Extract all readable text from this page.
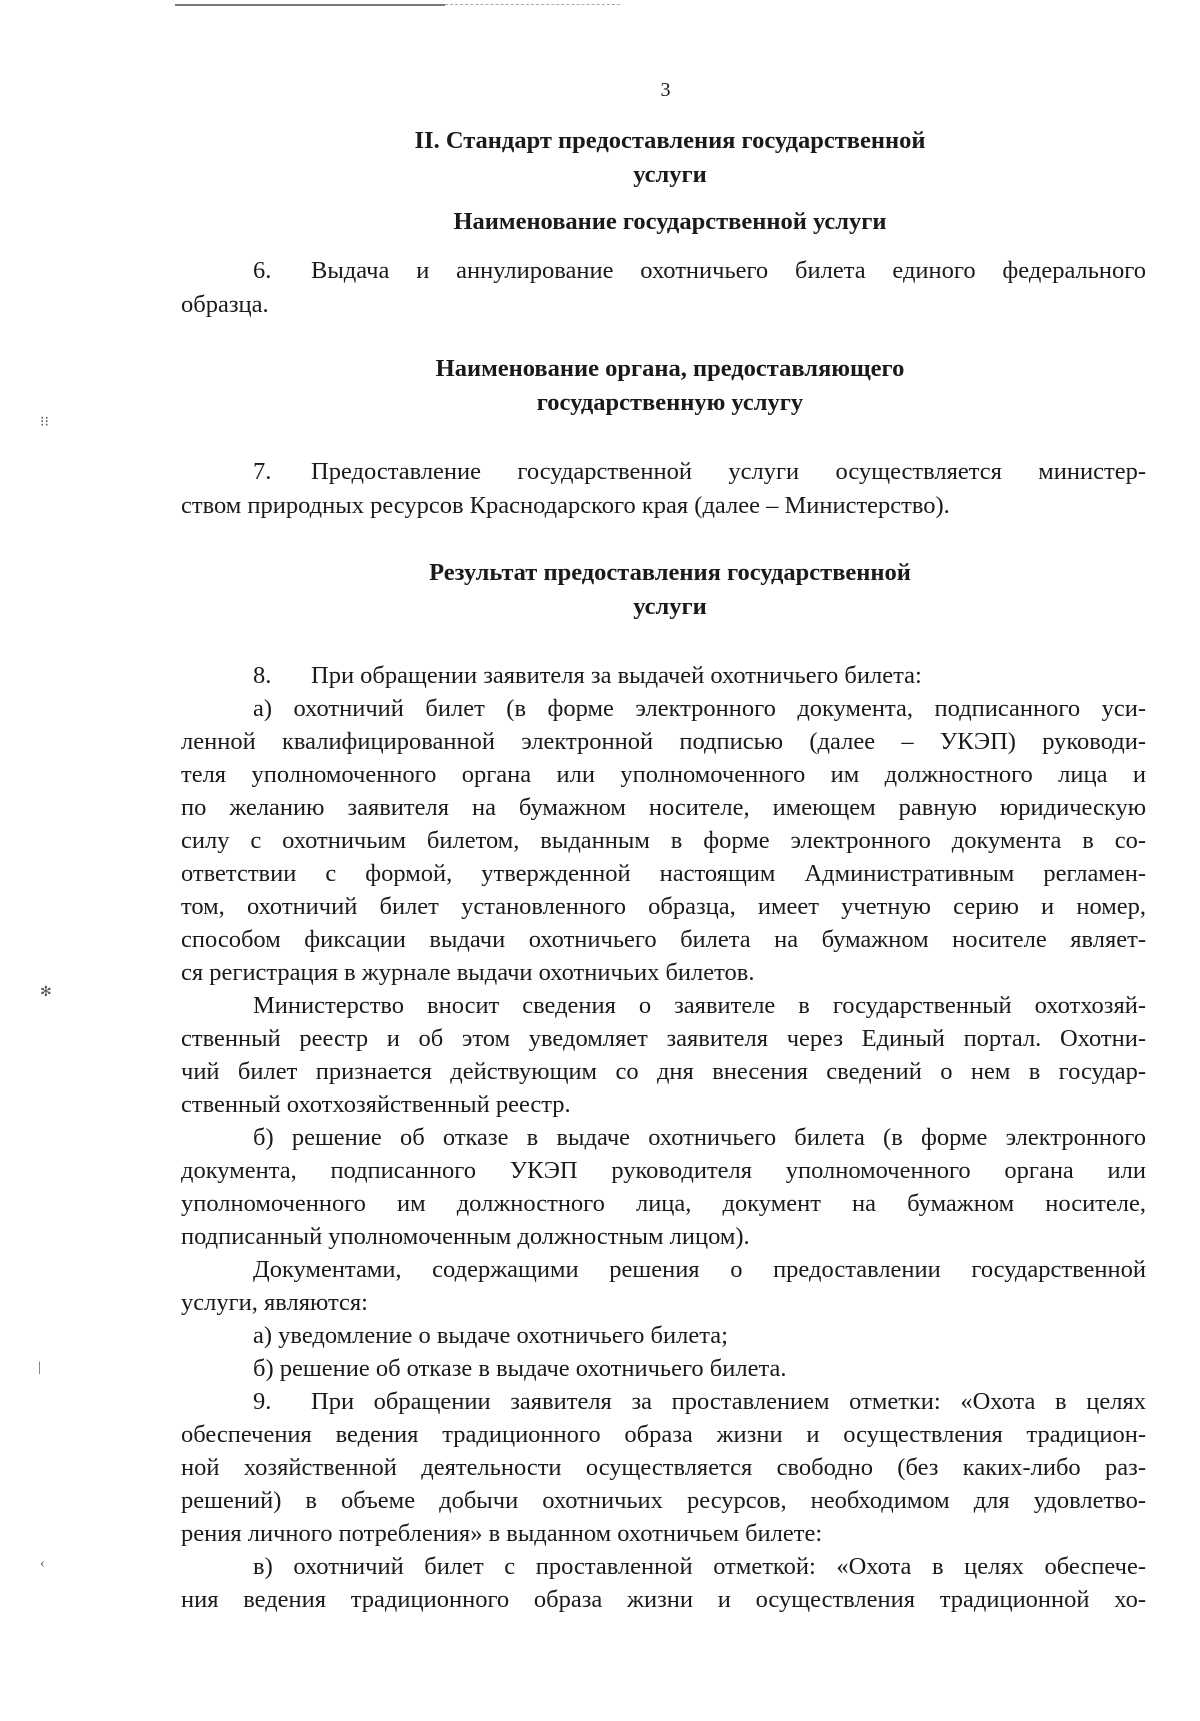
⁝⁝
✻
|
‹
3
II. Стандарт предоставления государственной
услуги
Наименование государственной услуги

6. Выдача и аннулирование охотничьего билета единого федерального

образца.

Наименование органа, предоставляющего
государственную услугу

7. Предоставление государственной услуги осуществляется министер-

ством природных ресурсов Краснодарского края (далее – Министерство).

Результат предоставления государственной
услуги

8. При обращении заявителя за выдачей охотничьего билета:

а) охотничий билет (в форме электронного документа, подписанного уси-

ленной квалифицированной электронной подписью (далее – УКЭП) руководи-

теля уполномоченного органа или уполномоченного им должностного лица и

по желанию заявителя на бумажном носителе, имеющем равную юридическую

силу с охотничьим билетом, выданным в форме электронного документа в со-

ответствии с формой, утвержденной настоящим Административным регламен-

том, охотничий билет установленного образца, имеет учетную серию и номер,

способом фиксации выдачи охотничьего билета на бумажном носителе являет-

ся регистрация в журнале выдачи охотничьих билетов.

Министерство вносит сведения о заявителе в государственный охотхозяй-

ственный реестр и об этом уведомляет заявителя через Единый портал. Охотни-

чий билет признается действующим со дня внесения сведений о нем в государ-

ственный охотхозяйственный реестр.

б) решение об отказе в выдаче охотничьего билета (в форме электронного

документа, подписанного УКЭП руководителя уполномоченного органа или

уполномоченного им должностного лица, документ на бумажном носителе,

подписанный уполномоченным должностным лицом).

Документами, содержащими решения о предоставлении государственной

услуги, являются:

а) уведомление о выдаче охотничьего билета;

б) решение об отказе в выдаче охотничьего билета.

9. При обращении заявителя за проставлением отметки: «Охота в целях

обеспечения ведения традиционного образа жизни и осуществления традицион-

ной хозяйственной деятельности осуществляется свободно (без каких-либо раз-

решений) в объеме добычи охотничьих ресурсов, необходимом для удовлетво-

рения личного потребления» в выданном охотничьем билете:

в) охотничий билет с проставленной отметкой: «Охота в целях обеспече-

ния ведения традиционного образа жизни и осуществления традиционной хо-
